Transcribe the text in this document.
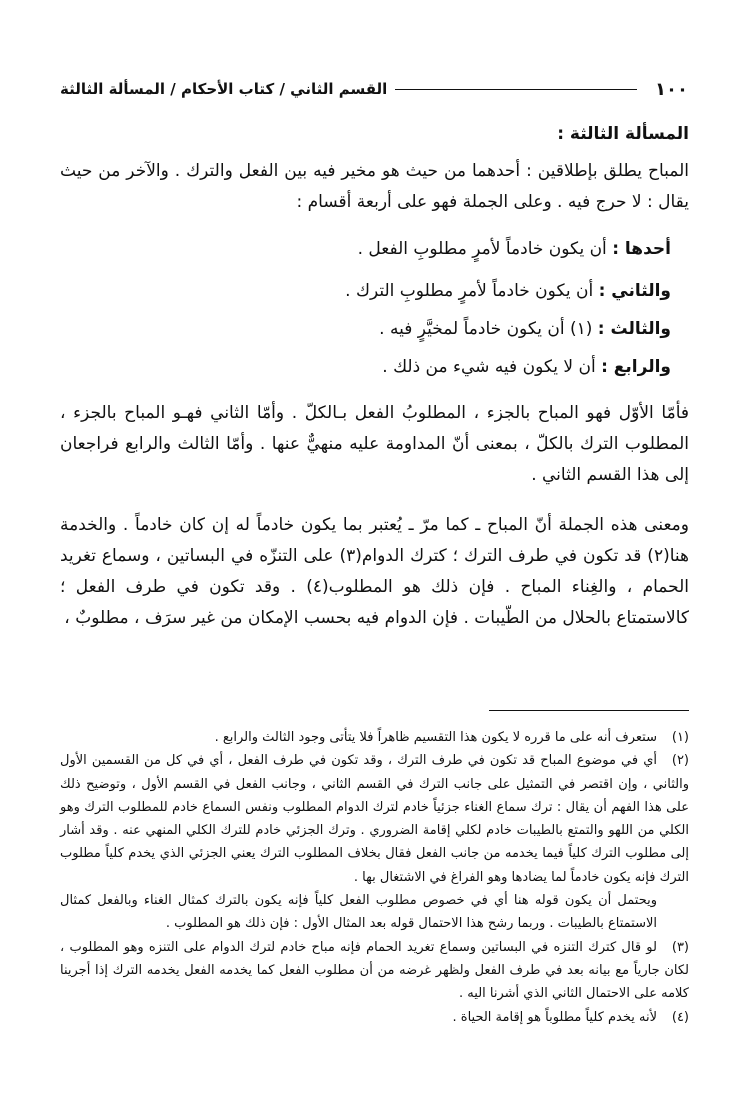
١٠٠
القسم الثاني / كتاب الأحكام / المسألة الثالثة
المسألة الثالثة :
المباح يطلق بإطلاقين : أحدهما من حيث هو مخير فيه بين الفعل والترك . والآخر من حيث يقال : لا حرج فيه . وعلى الجملة فهو على أربعة أقسام :
أحدها : أن يكون خادماً لأمرٍ مطلوبِ الفعل .
والثاني : أن يكون خادماً لأمرٍ مطلوبِ الترك .
والثالث : (١) أن يكون خادماً لمخيَّرٍ فيه .
والرابع : أن لا يكون فيه شيء من ذلك .
فأمّا الأوّل فهو المباح بالجزء ، المطلوبُ الفعل بـالكلّ . وأمّا الثاني فهـو المباح بالجزء ، المطلوب الترك بالكلّ ، بمعنى أنّ المداومة عليه منهيٌّ عنها . وأمّا الثالث والرابع فراجعان إلى هذا القسم الثاني .
ومعنى هذه الجملة أنّ المباح ـ كما مرّ ـ يُعتبر بما يكون خادماً له إن كان خادماً . والخدمة هنا(٢) قد تكون في طرف الترك ؛ كترك الدوام(٣) على التنزّه في البساتين ، وسماع تغريد الحمام ، والغِناء المباح . فإن ذلك هو المطلوب(٤) . وقد تكون في طرف الفعل ؛ كالاستمتاع بالحلال من الطّيبات . فإن الدوام فيه بحسب الإمكان من غير سرَف ، مطلوبٌ ،

(١)ستعرف أنه على ما قرره لا يكون هذا التقسيم ظاهراً فلا يتأتى وجود الثالث والرابع .

(٢)أي في موضوع المباح قد تكون في طرف الترك ، وقد تكون في طرف الفعل ، أي في كل من القسمين الأول والثاني ، وإن اقتصر في التمثيل على جانب الترك في القسم الثاني ، وجانب الفعل في القسم الأول ، وتوضيح ذلك على هذا الفهم أن يقال : ترك سماع الغناء جزئياً خادم لترك الدوام المطلوب ونفس السماع خادم للمطلوب الترك وهو الكلي من اللهو والتمتع بالطيبات خادم لكلي إقامة الضروري . وترك الجزئي خادم للترك الكلي المنهي عنه . وقد أشار إلى مطلوب الترك كلياً فيما يخدمه من جانب الفعل فقال بخلاف المطلوب الترك يعني الجزئي الذي يخدم كلياً مطلوب الترك فإنه يكون خادماً لما يضادها وهو الفراغ في الاشتغال بها .

ويحتمل أن يكون قوله هنا أي في خصوص مطلوب الفعل كلياً فإنه يكون بالترك كمثال الغناء وبالفعل كمثال الاستمتاع بالطيبات . وربما رشح هذا الاحتمال قوله بعد المثال الأول : فإن ذلك هو المطلوب .

(٣)لو قال كترك التنزه في البساتين وسماع تغريد الحمام فإنه مباح خادم لترك الدوام على التنزه وهو المطلوب ، لكان جارياً مع بيانه بعد في طرف الفعل ولظهر غرضه من أن مطلوب الفعل كما يخدمه الفعل يخدمه الترك إذا أجرينا كلامه على الاحتمال الثاني الذي أشرنا اليه .

(٤)لأنه يخدم كلياً مطلوباً هو إقامة الحياة .
